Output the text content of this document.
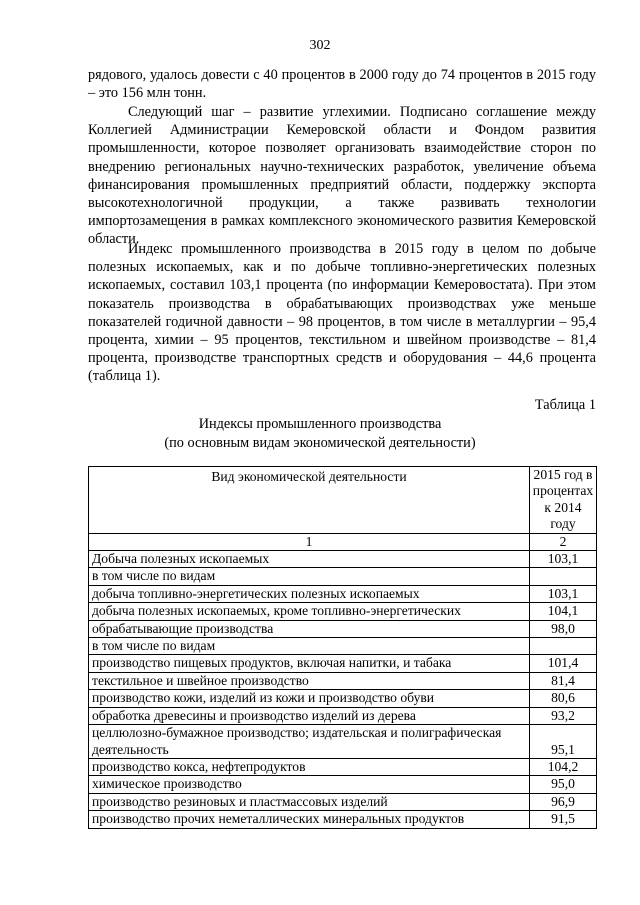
302

рядового, удалось довести с 40 процентов в 2000 году до 74 процентов в 2015 году – это 156 млн тонн.

Следующий шаг – развитие углехимии. Подписано соглашение между Коллегией Администрации Кемеровской области и Фондом развития промышленности, которое позволяет организовать взаимодействие сторон по внедрению региональных научно-технических разработок, увеличение объема финансирования промышленных предприятий области, поддержку экспорта высокотехнологичной продукции, а также развивать технологии импортозамещения в рамках комплексного экономического развития Кемеровской области.

Индекс промышленного производства в 2015 году в целом по добыче полезных ископаемых, как и по добыче топливно-энергетических полезных ископаемых, составил 103,1 процента (по информации Кемеровостата). При этом показатель производства в обрабатывающих производствах уже меньше показателей годичной давности – 98 процентов, в том числе в металлургии – 95,4 процента, химии – 95 процентов, текстильном и швейном производстве – 81,4 процента, производстве транспортных средств и оборудования – 44,6 процента (таблица 1).

Таблица 1
Индексы промышленного производства
(по основным видам экономической деятельности)
Вид экономической деятельности	2015 год в процентах к 2014 году
1	2
Добыча полезных ископаемых	103,1
в том числе по видам	
добыча топливно-энергетических полезных ископаемых	103,1
добыча полезных ископаемых, кроме топливно-энергетических	104,1
обрабатывающие производства	98,0
в том числе по видам	
производство пищевых продуктов, включая напитки, и табака	101,4
текстильное и швейное производство	81,4
производство кожи, изделий из кожи и производство обуви	80,6
обработка древесины и производство изделий из дерева	93,2
целлюлозно-бумажное производство; издательская и полиграфическая деятельность	95,1
производство кокса, нефтепродуктов	104,2
химическое производство	95,0
производство резиновых и пластмассовых изделий	96,9
производство прочих неметаллических минеральных продуктов	91,5
